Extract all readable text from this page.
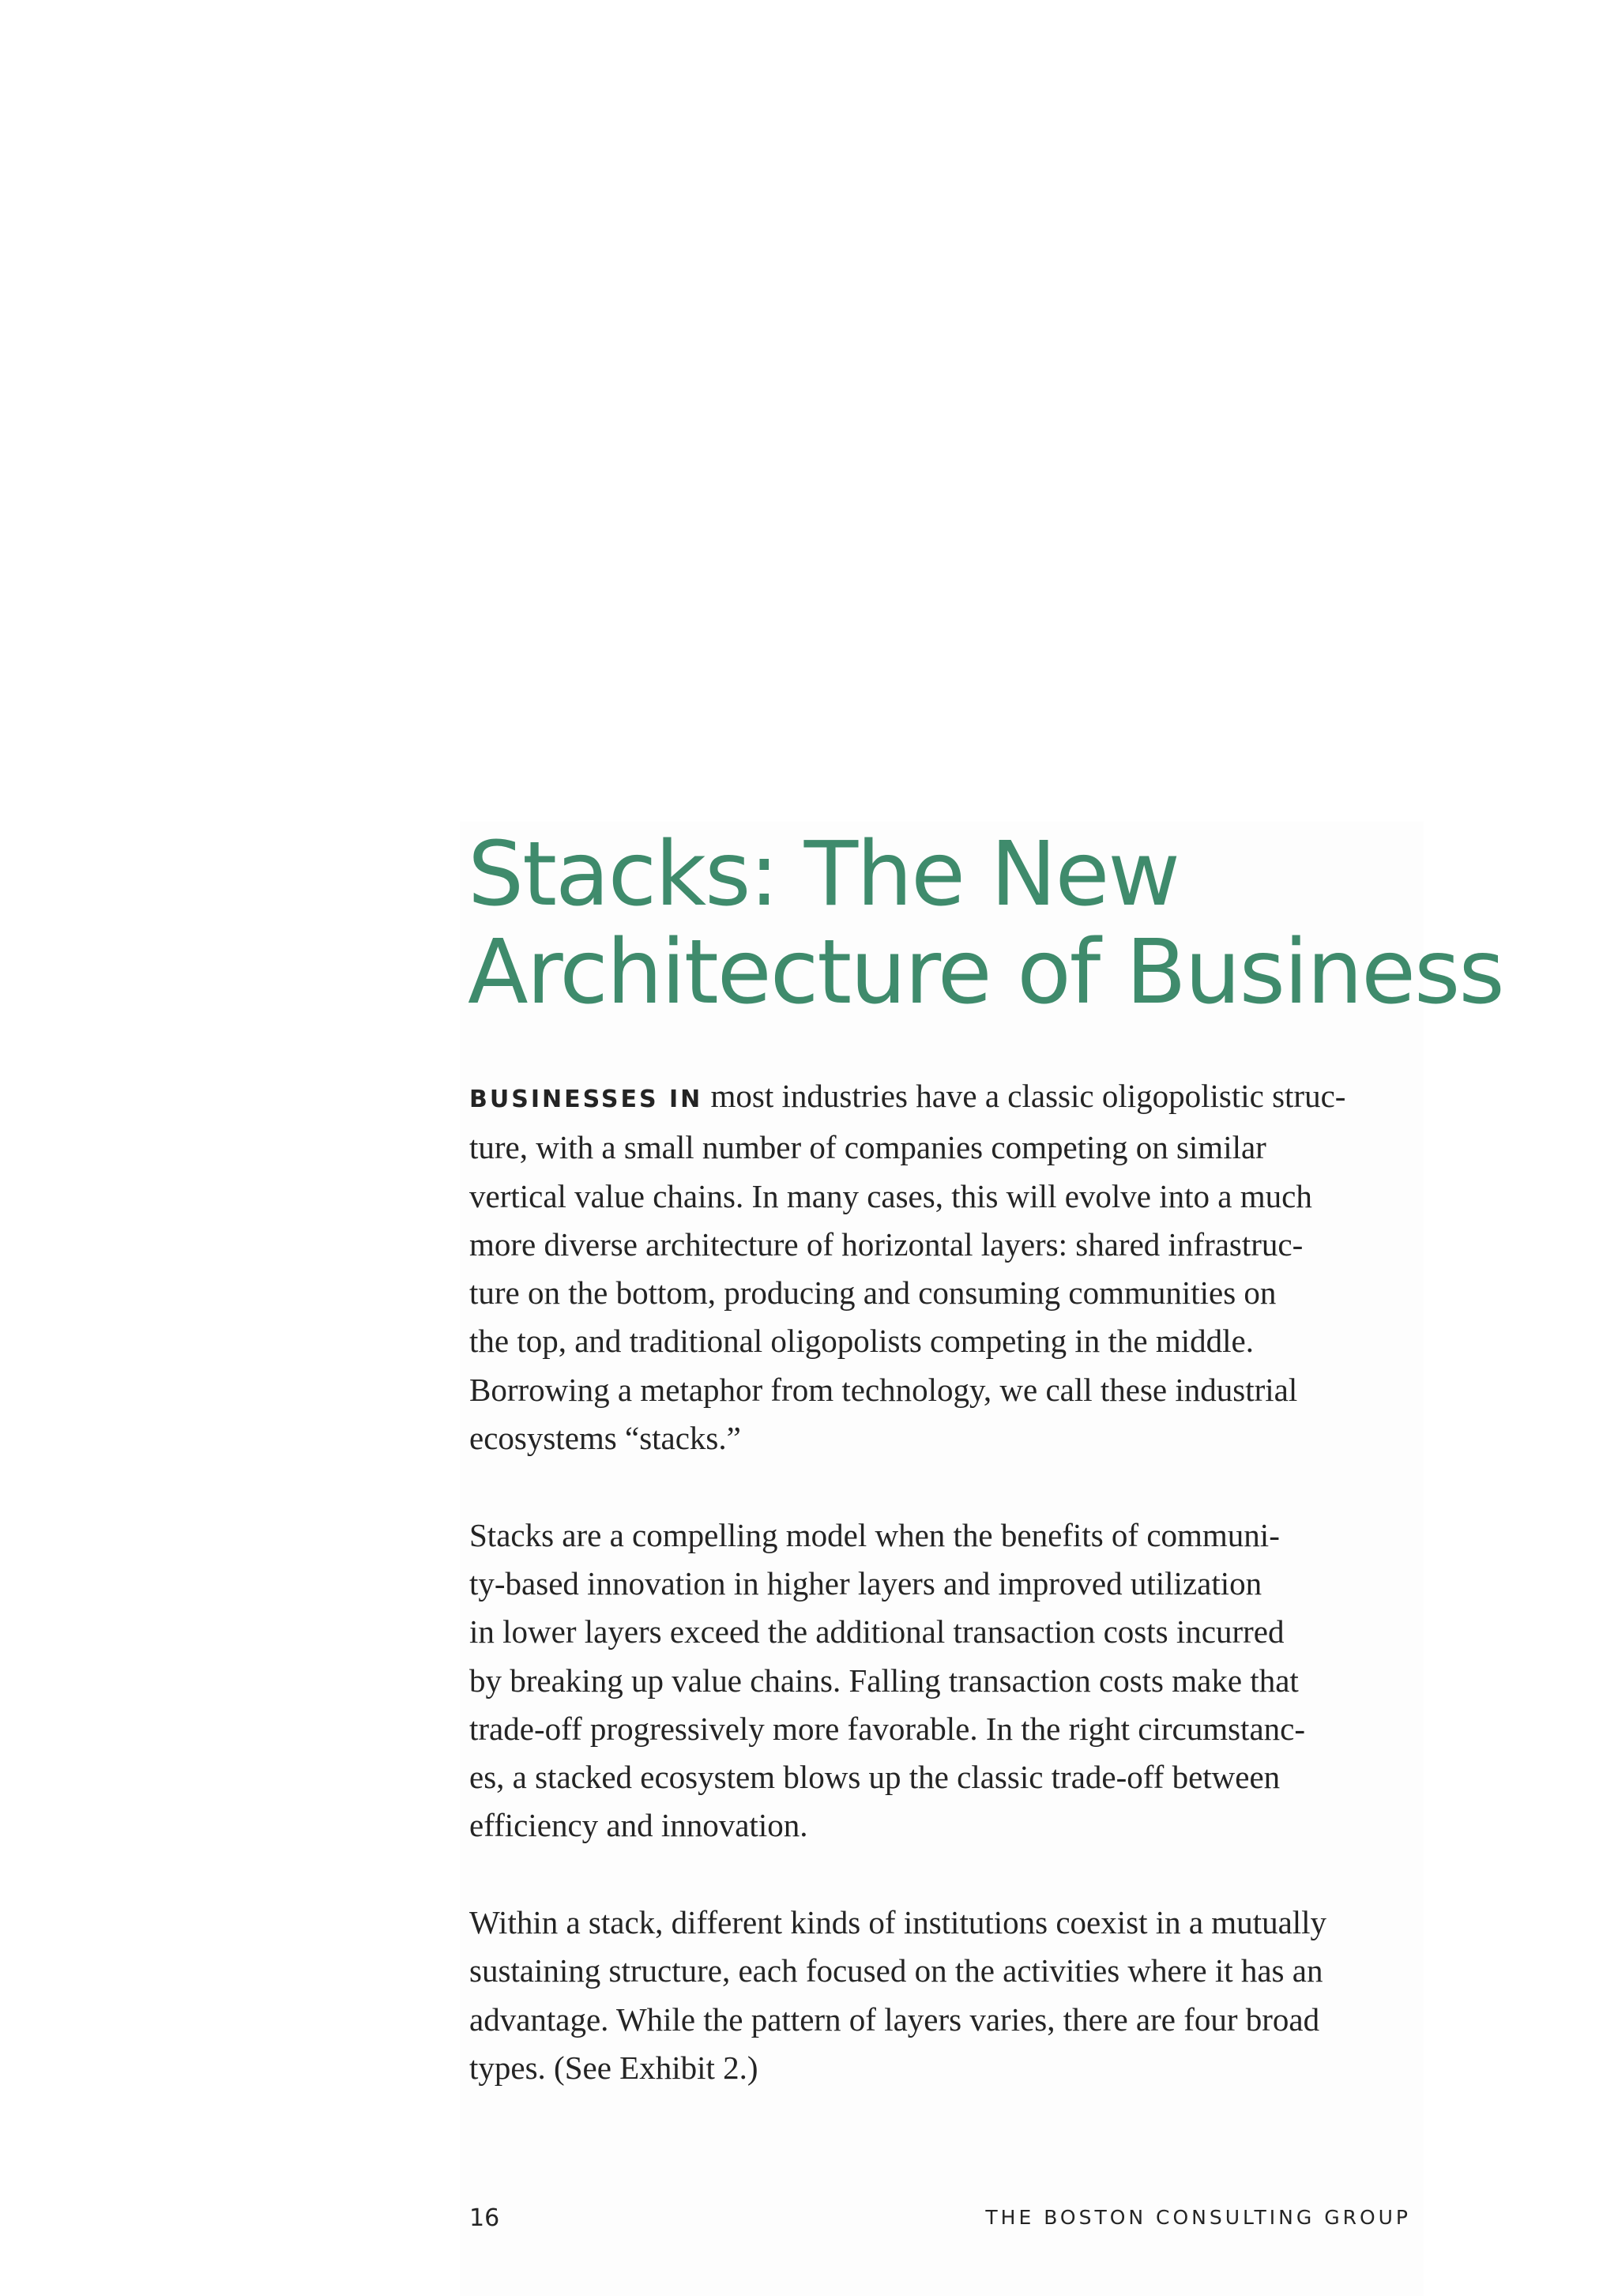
Stacks: The New
Architecture of Business

BUSINESSES IN most industries have a classic oligopolistic struc-
ture, with a small number of companies competing on similar
vertical value chains. In many cases, this will evolve into a much
more diverse architecture of horizontal layers: shared infrastruc-
ture on the bottom, producing and consuming communities on
the top, and traditional oligopolists competing in the middle.
Borrowing a metaphor from technology, we call these industrial
ecosystems “stacks.”

Stacks are a compelling model when the benefits of communi-
ty-based innovation in higher layers and improved utilization
in lower layers exceed the additional transaction costs incurred
by breaking up value chains. Falling transaction costs make that
trade-off progressively more favorable. In the right circumstanc-
es, a stacked ecosystem blows up the classic trade-off between
efficiency and innovation.

Within a stack, different kinds of institutions coexist in a mutually
sustaining structure, each focused on the activities where it has an
advantage. While the pattern of layers varies, there are four broad
types. (See Exhibit 2.)

16	THE BOSTON CONSULTING GROUP
